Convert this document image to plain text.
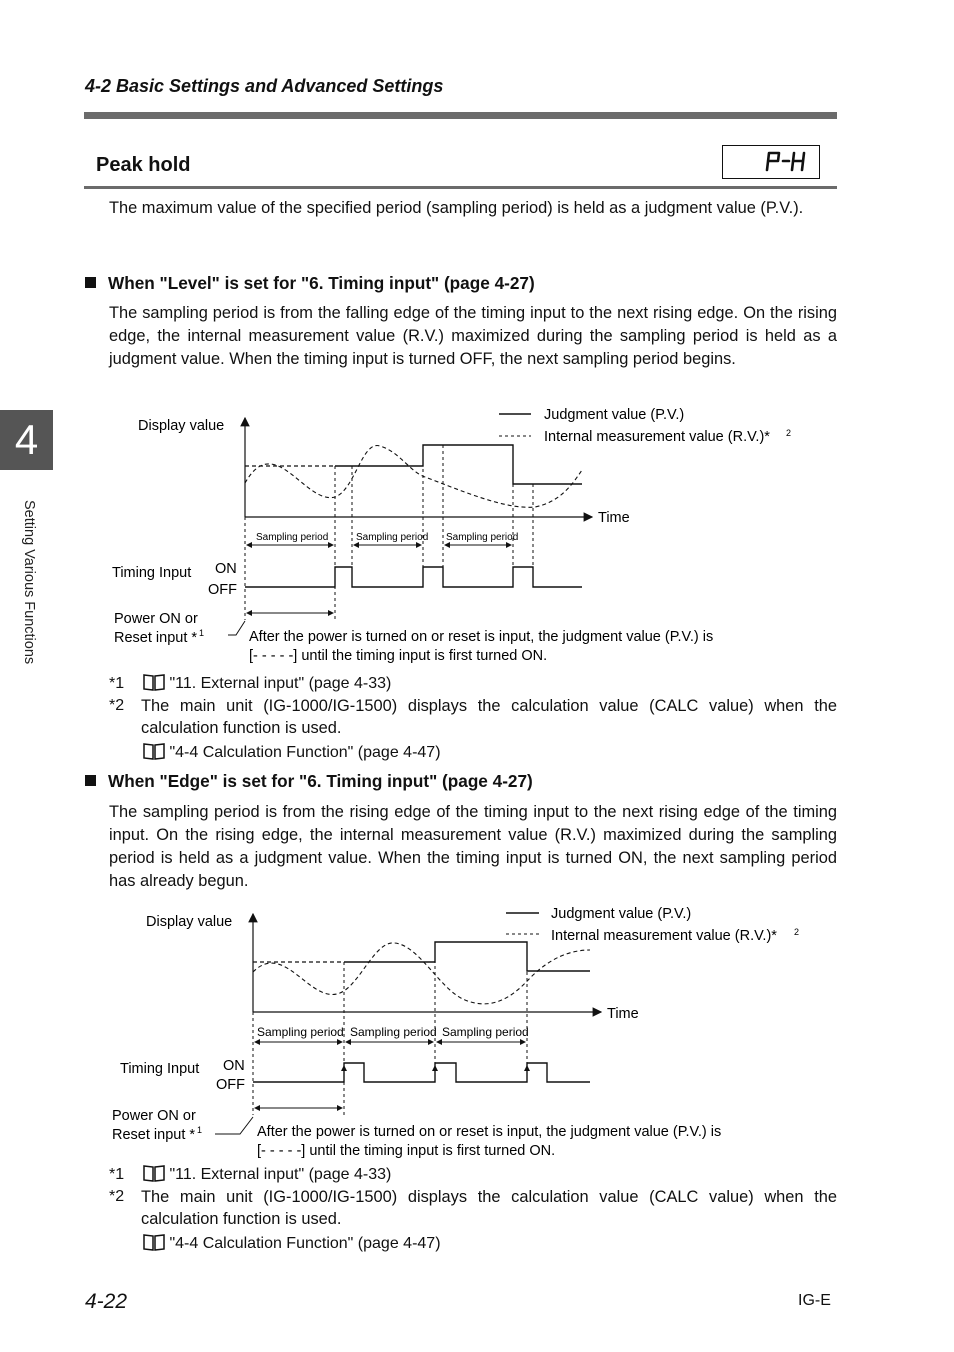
4-2 Basic Settings and Advanced Settings
Peak hold
The maximum value of the specified period (sampling period) is held as a judgment value (P.V.).
When "Level" is set for "6. Timing input" (page 4-27)
The sampling period is from the falling edge of the timing input to the next rising edge. On the rising edge, the internal measurement value (R.V.) maximized during the sampling period is held as a judgment value. When the timing input is turned OFF, the next sampling period begins.
Display value
Time
Judgment value (P.V.)
Internal measurement value (R.V.)* 2
Sampling period	Sampling period Sampling period
Timing Input ON
OFF
Power ON or
Reset input * 1	After the power is turned on or reset is input, the judgment value (P.V.) is
[- - - - -] until the timing input is first turned ON.
*1	"11. External input" (page 4-33)
*2 The main unit (IG-1000/IG-1500) displays the calculation value (CALC value) when the calculation function is used.
"4-4 Calculation Function" (page 4-47)
When "Edge" is set for "6. Timing input" (page 4-27)
The sampling period is from the rising edge of the timing input to the next rising edge of the timing input. On the rising edge, the internal measurement value (R.V.) maximized during the sampling period is held as a judgment value. When the timing input is turned ON, the next sampling period has already begun.
Display value
Time
Judgment value (P.V.)
Internal measurement value (R.V.)* 2
Sampling period Sampling period Sampling period
Timing Input ON
OFF
Power ON or
Reset input * 1	After the power is turned on or reset is input, the judgment value (P.V.) is
[- - - - -] until the timing input is first turned ON.
*1	"11. External input" (page 4-33)
*2 The main unit (IG-1000/IG-1500) displays the calculation value (CALC value) when the calculation function is used.
"4-4 Calculation Function" (page 4-47)
4
Setting Various Functions
4-22	IG-E
